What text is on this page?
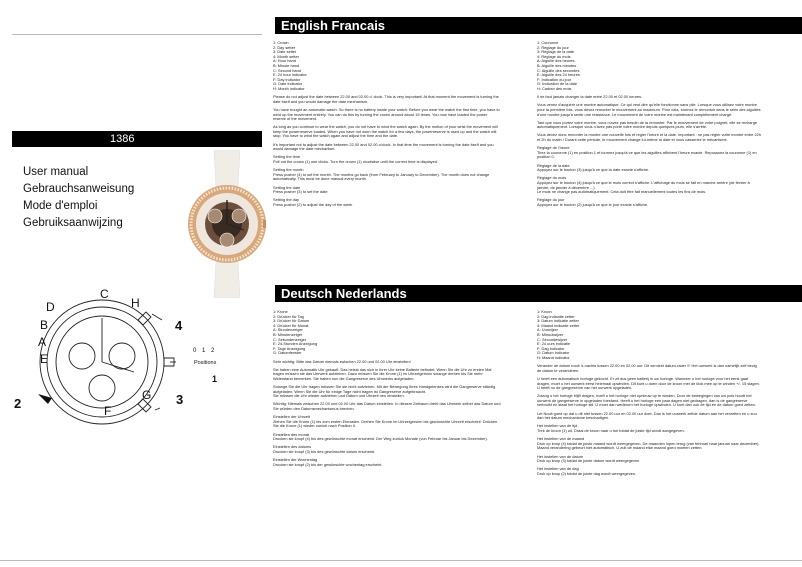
1386
User manual
Gebrauchsanweisung
Mode d'emploi
Gebruiksaanwijzing
C
H
D
B
A
E
G
F
4
3
2
1
0 1 2
Positions
English Francais
Deutsch Nederlands

1: Crown
2: Day setter
3: Date setter
4: Month setter
A: Hour hand
B: Minute hand
C: Second hand
E: 24 hour indicator
F: Day indicator
G: Date indicator
H: Month indicator

Please do not adjust the date between 22.00 and 02.00 o' clock. This is very important! At that moment the movement is turning the date itself and you would damage the date mechanism.

You have bought an automatic watch. So there is no battery inside your watch. Before you wear the watch the first time, you have to wind up the movement entirely. You can do this by turning the crown around about 15 times. You now have loaded the power reserve of the movement.

As long as you continue to wear the watch, you do not have to wind the watch again. By the motion of your wrist the movement will keep the powerreserve loaded. When you have not worn the watch for a few days, the powerreserve is used up and the watch will stop. You have to wind the watch again and adjust the time and the date.

It's important not to adjust the date between 22.00 and 02.00 o'clock. In that time the movement is turning the date itself and you would damage the date mechanism.

Setting the time
Pull out the crown (1) one clicks. Turn the crown (1) clockwise until the correct time is displayed.

Setting the month
Press pusher (4) to set the month. The months go back (from February to January to December). The month does not change automatically. This must be done manual every month.

Setting the date
Press pusher (3) to set the date

Setting the day
Press pusher (2) to adjust the day of the week

1: Couronne
2: Réglage du jour
3: Réglage de la date
4: Réglage du mois
A: Aiguille des heures
B: Aiguille des minutes
C: Aiguille des secondes
E: Aiguille des 24 heures
F: Indication du jour
G: Indication de la date
H: Cadran des mois

Il ne faut jamais changer la date entre 22.00 et 02.00 heures.

Vous venez d'acquérir une montre automatique. Ce qui veut dire qu'elle fonctionne sans pile. Lorsque vous utilisez votre montre pour la première fois, vous devez remonter le mouvement au maximum. Pour cela, tournez le remontoir dans le sens des aiguilles d'une montre jusqu'à sentir une résistance. Le mouvement de votre montre est maintenant complètement chargé.

Tant que vous portez votre montre, vous n'avez pas besoin de la remonter. Par le mouvement de votre poignet, elle se recharge automatiquement. Lorsque vous n'avez pas porté votre montre depuis quelques jours, elle s'arrête.

Vous devez donc remonter la montre une nouvelle fois et régler l'heure et la date. Important : ne pas régler votre montre entre 22h et 2h du matin ! Durant cette période, le mouvement change lui-même la date et vous casseriez le mécanisme.

Réglage de l'heure
Tirez la couronne (1) en position 1 et tournez jusqu'à ce que les aiguilles affichent l'heure exacte. Repoussez la couronne (1) en position 0.

Réglage de la date
Appuyez sur le bouton (3) jusqu'à ce que la date exacte s'affiche.

Réglage du mois
Appuyez sur le bouton (4) jusqu'à ce que le mois correct s'affiche. L'affichage du mois se fait en marche arrière (de février à janvier, de janvier à décembre ...).
Le mois ne change pas automatiquement. Cela doit être fait manuellement toutes les fins de mois.

Réglage du jour
Appuyez sur le bouton (2) jusqu'à ce que le jour exacte s'affiche.

1: Krone
2: Drücker für Tag
3: Drücker für Datum
4: Drücker für Monat
A: Stundenzeiger
B: Minutenzeiger
C: Sekundenzeiger
E: 24-Stunden Anzeigung
F: Tage Anzeigung
G: Datumfenster

Sehr wichtig: Bitte das Datum niemals zwischen 22.00 und 02.00 Uhr einstellen!

Sie haben eine Automatik Uhr gekauft. Das heisst das sich in Ihrer Uhr keine Batterie befindet. Wenn Sie die Uhr zu ersten Mal tragen müssen sie das Uhrwerk aufziehen. Dazu müssen Sie die Krone (1) im Uhrzeigersinn solange drehen bis Sie mehr Widerstand bemerken. Sie haben nun die Gangreserve des Uhrwerks aufgeladen.

Solange Sie die Uhr tragen müssen Sie sie nicht aufziehen. Mit der Bewegung Ihres Handgelenkes wird die Gangreserve ständig aufgeladen. Wenn Sie die Uhr für einige Tage nicht tragen ist Gangreserve aufgebraucht.
Sie müssen die Uhr wieder aufziehen und Datum und Uhrzeit neu einstellen.

Wichtig: Niemals zwischen 22.00 und 02.00 Uhr das Datum einstellen. In diesem Zeitraum dreht das Uhrwerk selber das Datum und Sie würden den Datumsmechanismus brechen.

Einstellen der Uhrzeit
Ziehen Sie die Krone (1) bis zum ersten Einrasten. Drehen Sie Krone im Uhrzeigersinn bis gewünschte Uhrzeit erscheint. Drücken Sie die Krone (1) wieder zurück nach Position 0.

Einstellen des monat
Drucken sie knopf (4) bis des gewünschte monat erscheint. Der Weg zurück Monate (von Februar bis Januar bis Dezember).

Einstellen des datums
Drucken sie knopf (3) bis des gewünschte datum erscheint.

Einstellen der Wochentag
Drucken sie knopf (2) bis der gewünschte wochentag erscheint.

1: Kroon
2: Dag indicatie zetter
3: Datum indicatie zetter
4: Maand indicatie zetter
A: Uurwijzer
B: Minuutwijzer
C: Secondewijzer
E: 24 uurs indicatie
F: Dag indicator
G: Datum indicator
H: Maand indicator

Verander de datum nooit 's-nachts tussen 22.00 en 02.00 uur. Dit vernield datum-rader !!! Het uurwerk is dan namelijk zelf bezig de datum te veranderen.

U heeft een automatisch horloge gekocht. Er zit dus geen batterij in uw horloge. Wanneer u het horloge voor het eerst gaat dragen, moet u het uurwerk eerst helemaal opwinden. Dit kunt u doen door de kroon met de klok mee op te winden +/- 15 slagen. U heeft nu de gangreserve van het uurwerk opgeladen.

Zolang u het horloge blijft dragen, hoeft u het horloge niet opnieuw op te winden. Door de bewegingen van uw pols houdt het uurwerk de gangreserve in opgeladen toestand. Heeft u het horloge een paar dagen niet gedragen, dan is de gangreserve verbruikt en staat het horloge stil. U moet dan wederom het horloge opwinden. U kunt dan ook de tijd en de datum goed zetten.

Let Nooit goed op dat u dit niet tussen 22.00 uur en 02.00 uur doet. Dan is het uurwerk zelfde datum aan het verzetten en u zou dan het datum mechanisme beschadigen.

Het instellen van de tijd
Trek de kroon (1) uit. Draai de kroon naar u toe totdat de juiste tijd wordt aangegeven.

Het instellen van de maand
Druk op knop (4) totdat de juiste maand wordt weergegeven. De maanden lopen terug (van februari naar januari naar december). Maand verandering gebeurt niet automatisch. U zult de maand elke maand goed moeten zetten.

Het instellen van de datum
Druk op knop (3) totdat de juiste datum wordt weergegeven

Het instellen van de dag
Druk op knop (2) totdat de juiste dag wordt weergegeven.
